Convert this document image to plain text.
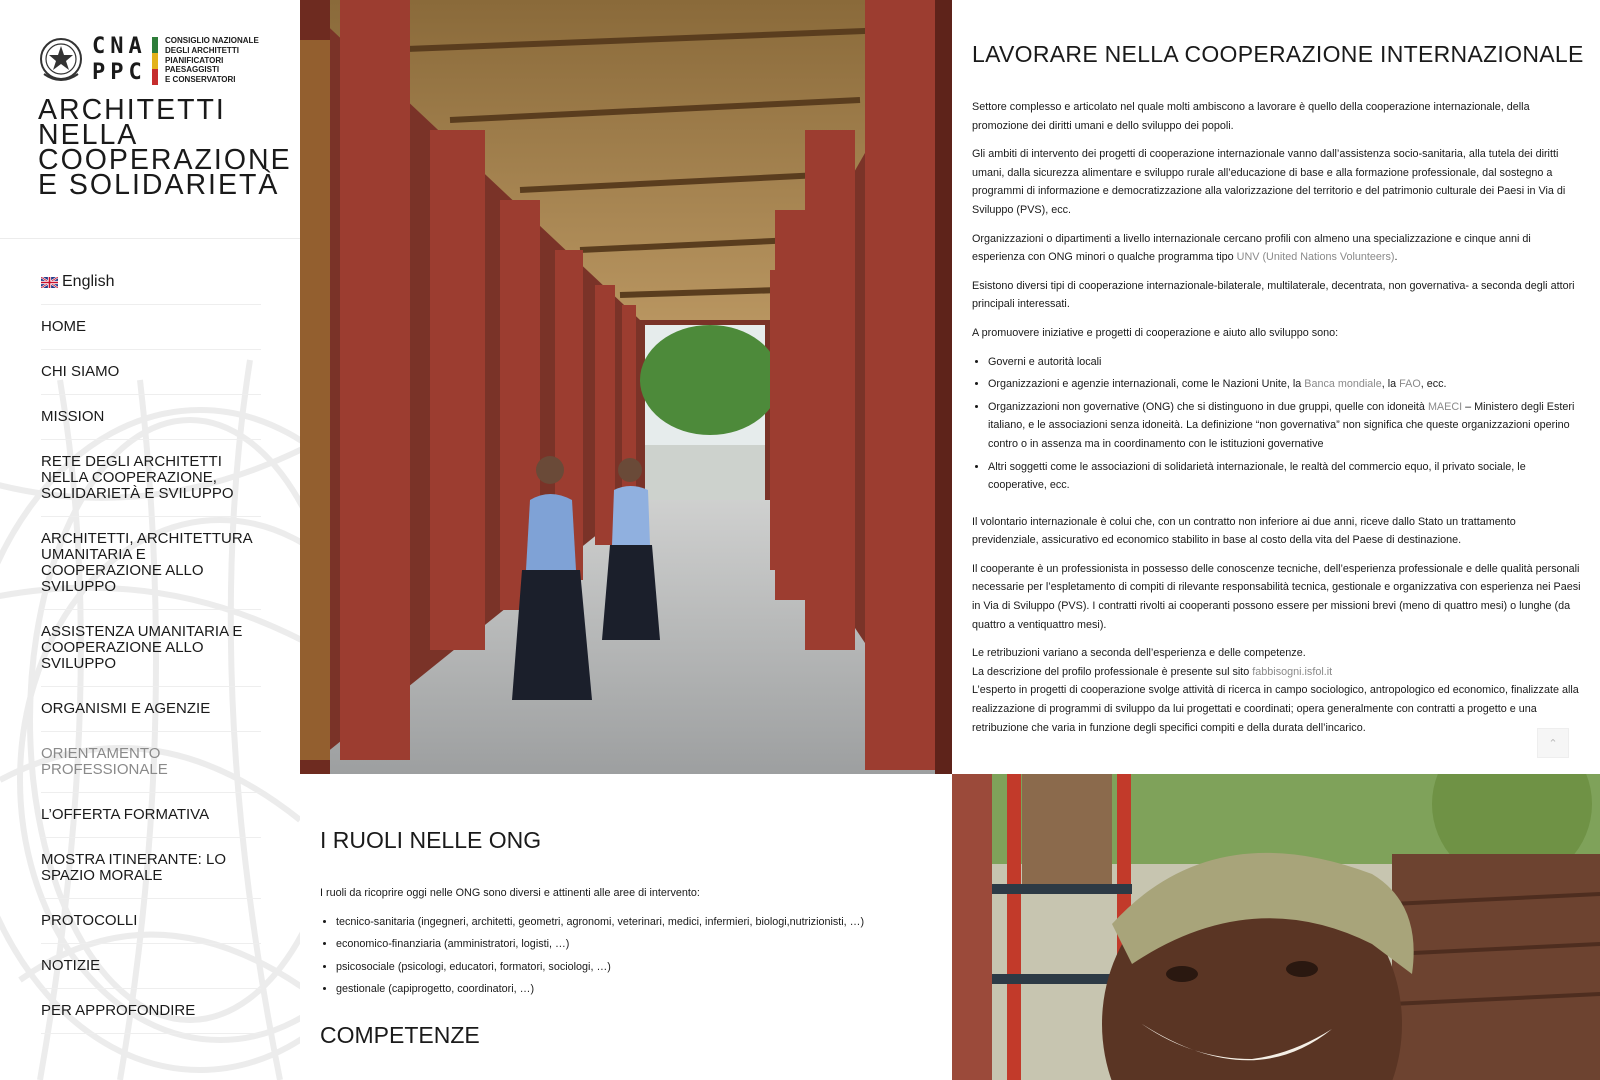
CNA
PPC
CONSIGLIO NAZIONALE
DEGLI ARCHITETTI
PIANIFICATORI
PAESAGGISTI
E CONSERVATORI
ARCHITETTI
NELLA
COOPERAZIONE
E SOLIDARIETÀ
English
HOME
CHI SIAMO
MISSION
RETE DEGLI ARCHITETTI NELLA COOPERAZIONE, SOLIDARIETÀ E SVILUPPO
ARCHITETTI, ARCHITETTURA UMANITARIA E COOPERAZIONE ALLO SVILUPPO
ASSISTENZA UMANITARIA E COOPERAZIONE ALLO SVILUPPO
ORGANISMI E AGENZIE
ORIENTAMENTO PROFESSIONALE
L’OFFERTA FORMATIVA
MOSTRA ITINERANTE: LO SPAZIO MORALE
PROTOCOLLI
NOTIZIE
PER APPROFONDIRE
LAVORARE NELLA COOPERAZIONE INTERNAZIONALE

Settore complesso e articolato nel quale molti ambiscono a lavorare è quello della cooperazione internazionale, della promozione dei diritti umani e dello sviluppo dei popoli.

Gli ambiti di intervento dei progetti di cooperazione internazionale vanno dall’assistenza socio-sanitaria, alla tutela dei diritti umani, dalla sicurezza alimentare e sviluppo rurale all’educazione di base e alla formazione professionale, dal sostegno a programmi di informazione e democratizzazione alla valorizzazione del territorio e del patrimonio culturale dei Paesi in Via di Sviluppo (PVS), ecc.

Organizzazioni o dipartimenti a livello internazionale cercano profili con almeno una specializzazione e cinque anni di esperienza con ONG minori o qualche programma tipo UNV (United Nations Volunteers).

Esistono diversi tipi di cooperazione internazionale-bilaterale, multilaterale, decentrata, non governativa- a seconda degli attori principali interessati.

A promuovere iniziative e progetti di cooperazione e aiuto allo sviluppo sono:

• Governi e autorità locali
• Organizzazioni e agenzie internazionali, come le Nazioni Unite, la Banca mondiale, la FAO, ecc.
• Organizzazioni non governative (ONG) che si distinguono in due gruppi, quelle con idoneità MAECI – Ministero degli Esteri italiano, e le associazioni senza idoneità. La definizione “non governativa” non significa che queste organizzazioni operino contro o in assenza ma in coordinamento con le istituzioni governative
• Altri soggetti come le associazioni di solidarietà internazionale, le realtà del commercio equo, il privato sociale, le cooperative, ecc.

Il volontario internazionale è colui che, con un contratto non inferiore ai due anni, riceve dallo Stato un trattamento previdenziale, assicurativo ed economico stabilito in base al costo della vita del Paese di destinazione.

Il cooperante è un professionista in possesso delle conoscenze tecniche, dell’esperienza professionale e delle qualità personali necessarie per l’espletamento di compiti di rilevante responsabilità tecnica, gestionale e organizzativa con esperienza nei Paesi in Via di Sviluppo (PVS). I contratti rivolti ai cooperanti possono essere per missioni brevi (meno di quattro mesi) o lunghe (da quattro a ventiquattro mesi).

Le retribuzioni variano a seconda dell’esperienza e delle competenze.
La descrizione del profilo professionale è presente sul sito fabbisogni.isfol.it
L’esperto in progetti di cooperazione svolge attività di ricerca in campo sociologico, antropologico ed economico, finalizzate alla realizzazione di programmi di sviluppo da lui progettati e coordinati; opera generalmente con contratti a progetto e una retribuzione che varia in funzione degli specifici compiti e della durata dell’incarico.

⌃
I RUOLI NELLE ONG

I ruoli da ricoprire oggi nelle ONG sono diversi e attinenti alle aree di intervento:

• tecnico-sanitaria (ingegneri, architetti, geometri, agronomi, veterinari, medici, infermieri, biologi,nutrizionisti, …)
• economico-finanziaria (amministratori, logisti, …)
• psicosociale (psicologi, educatori, formatori, sociologi, …)
• gestionale (capiprogetto, coordinatori, …)
COMPETENZE
